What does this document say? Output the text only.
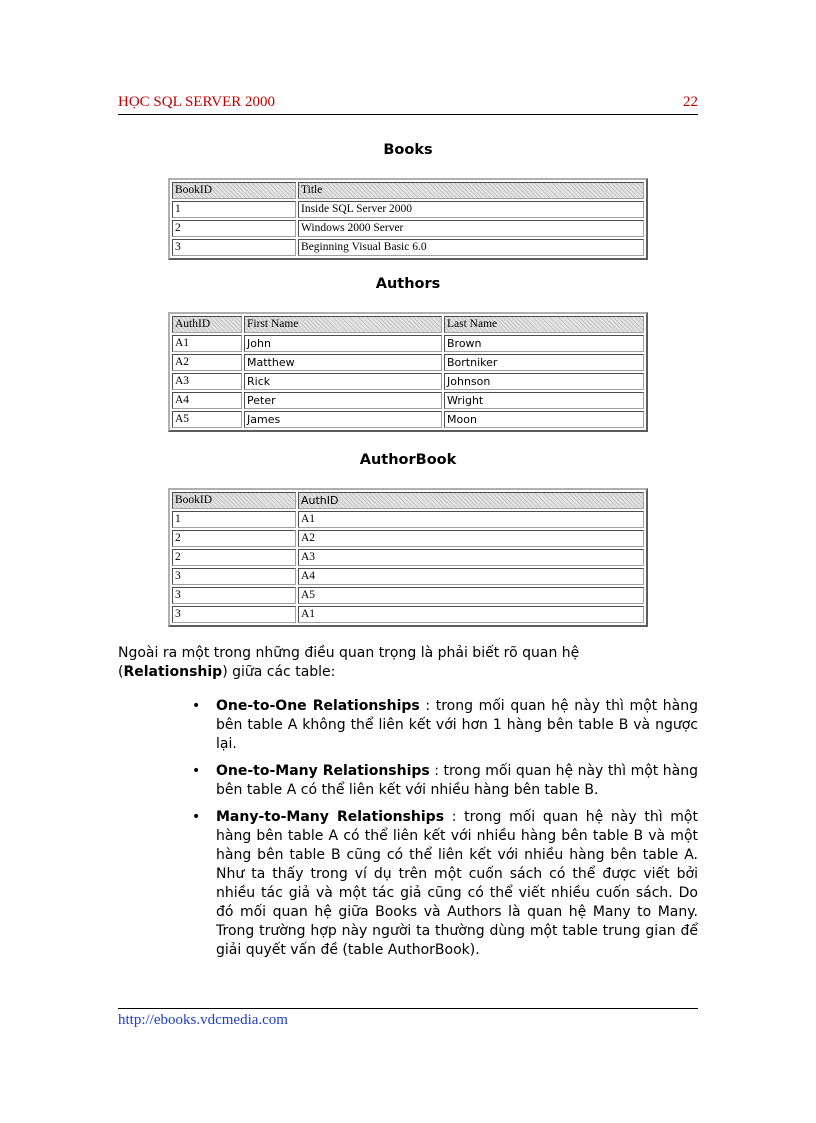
HỌC SQL SERVER 2000	22
Books
BookID	Title
1	Inside SQL Server 2000
2	Windows 2000 Server
3	Beginning Visual Basic 6.0
Authors
AuthID	First Name	Last Name
A1	John	Brown
A2	Matthew	Bortniker
A3	Rick	Johnson
A4	Peter	Wright
A5	James	Moon
AuthorBook
BookID	AuthID
1	A1
2	A2
2	A3
3	A4
3	A5
3	A1
Ngoài ra một trong những điều quan trọng là phải biết rõ quan hệ
(Relationship) giữa các table:
• One-to-One Relationships : trong mối quan hệ này thì một hàng bên table A không thể liên kết với hơn 1 hàng bên table B và ngược lại.
• One-to-Many Relationships : trong mối quan hệ này thì một hàng bên table A có thể liên kết với nhiều hàng bên table B.
• Many-to-Many Relationships : trong mối quan hệ này thì một hàng bên table A có thể liên kết với nhiều hàng bên table B và một hàng bên table B cũng có thể liên kết với nhiều hàng bên table A. Như ta thấy trong ví dụ trên một cuốn sách có thể được viết bởi nhiều tác giả và một tác giả cũng có thể viết nhiều cuốn sách. Do đó mối quan hệ giữa Books và Authors là quan hệ Many to Many. Trong trường hợp này người ta thường dùng một table trung gian để giải quyết vấn đề (table AuthorBook).
http://ebooks.vdcmedia.com
